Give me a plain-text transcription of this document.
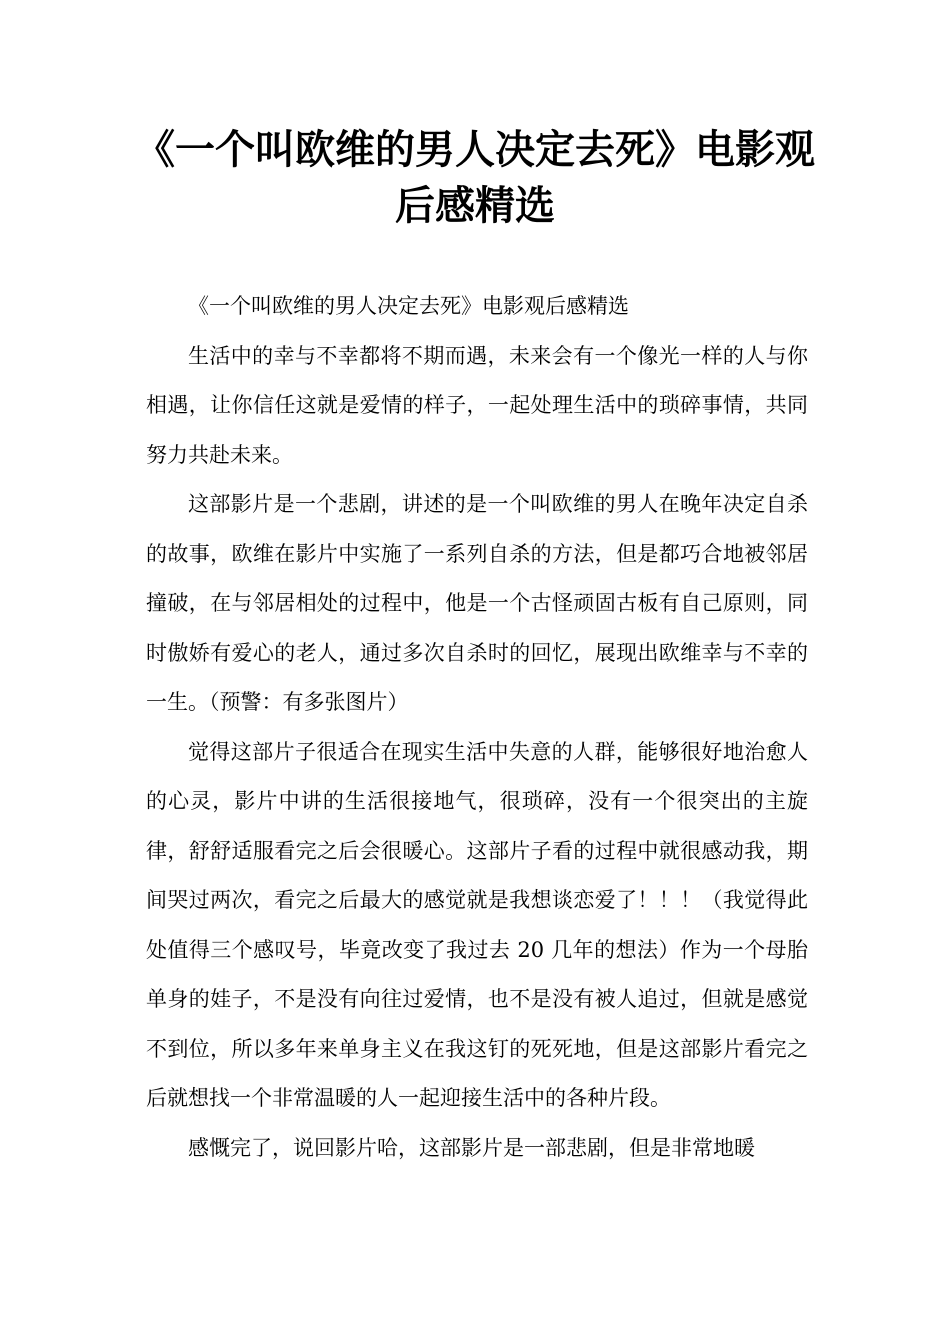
《一个叫欧维的男人决定去死》电影观
后感精选

《一个叫欧维的男人决定去死》电影观后感精选

生活中的幸与不幸都将不期而遇，未来会有一个像光一样的人与你相遇，让你信任这就是爱情的样子，一起处理生活中的琐碎事情，共同努力共赴未来。

这部影片是一个悲剧，讲述的是一个叫欧维的男人在晚年决定自杀的故事，欧维在影片中实施了一系列自杀的方法，但是都巧合地被邻居撞破，在与邻居相处的过程中，他是一个古怪顽固古板有自己原则，同时傲娇有爱心的老人，通过多次自杀时的回忆，展现出欧维幸与不幸的一生。（预警：有多张图片）

觉得这部片子很适合在现实生活中失意的人群，能够很好地治愈人的心灵，影片中讲的生活很接地气，很琐碎，没有一个很突出的主旋律，舒舒适服看完之后会很暖心。这部片子看的过程中就很感动我，期间哭过两次，看完之后最大的感觉就是我想谈恋爱了！！！（我觉得此处值得三个感叹号，毕竟改变了我过去 20 几年的想法）作为一个母胎单身的娃子，不是没有向往过爱情，也不是没有被人追过，但就是感觉不到位，所以多年来单身主义在我这钉的死死地，但是这部影片看完之后就想找一个非常温暖的人一起迎接生活中的各种片段。

感慨完了，说回影片哈，这部影片是一部悲剧，但是非常地暖
